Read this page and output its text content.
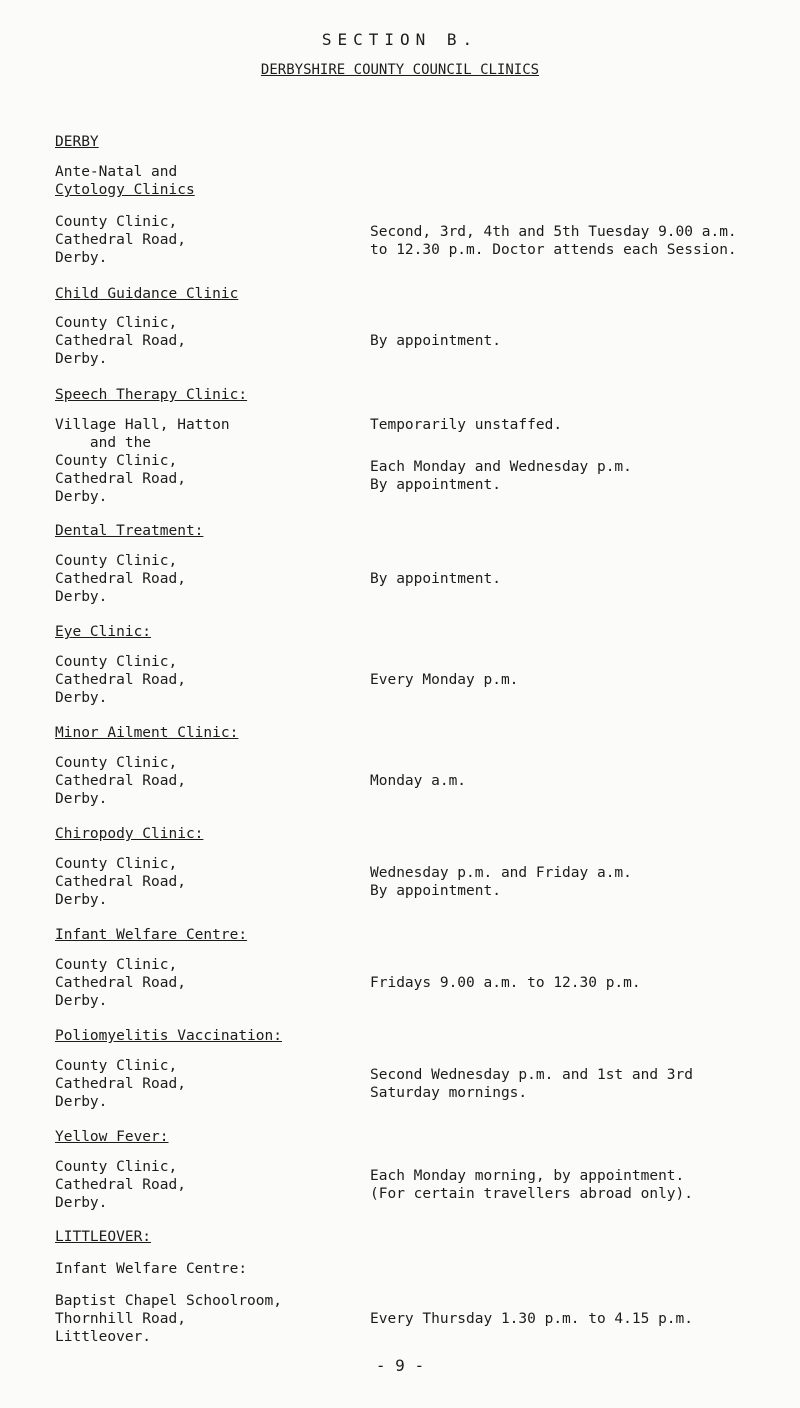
SECTION B.
DERBYSHIRE COUNTY COUNCIL CLINICS
DERBY
Ante-Natal and
Cytology Clinics
County Clinic,
Cathedral Road,
Derby.
Second, 3rd, 4th and 5th Tuesday 9.00 a.m.
to 12.30 p.m. Doctor attends each Session.
Child Guidance Clinic
County Clinic,
Cathedral Road,
Derby.
By appointment.
Speech Therapy Clinic:
Village Hall, Hatton
and the
County Clinic,
Cathedral Road,
Derby.
Temporarily unstaffed.
Each Monday and Wednesday p.m.
By appointment.
Dental Treatment:
County Clinic,
Cathedral Road,
Derby.
By appointment.
Eye Clinic:
County Clinic,
Cathedral Road,
Derby.
Every Monday p.m.
Minor Ailment Clinic:
County Clinic,
Cathedral Road,
Derby.
Monday a.m.
Chiropody Clinic:
County Clinic,
Cathedral Road,
Derby.
Wednesday p.m. and Friday a.m.
By appointment.
Infant Welfare Centre:
County Clinic,
Cathedral Road,
Derby.
Fridays 9.00 a.m. to 12.30 p.m.
Poliomyelitis Vaccination:
County Clinic,
Cathedral Road,
Derby.
Second Wednesday p.m. and 1st and 3rd
Saturday mornings.
Yellow Fever:
County Clinic,
Cathedral Road,
Derby.
Each Monday morning, by appointment.
(For certain travellers abroad only).
LITTLEOVER:
Infant Welfare Centre:
Baptist Chapel Schoolroom,
Thornhill Road,
Littleover.
Every Thursday 1.30 p.m. to 4.15 p.m.
- 9 -
